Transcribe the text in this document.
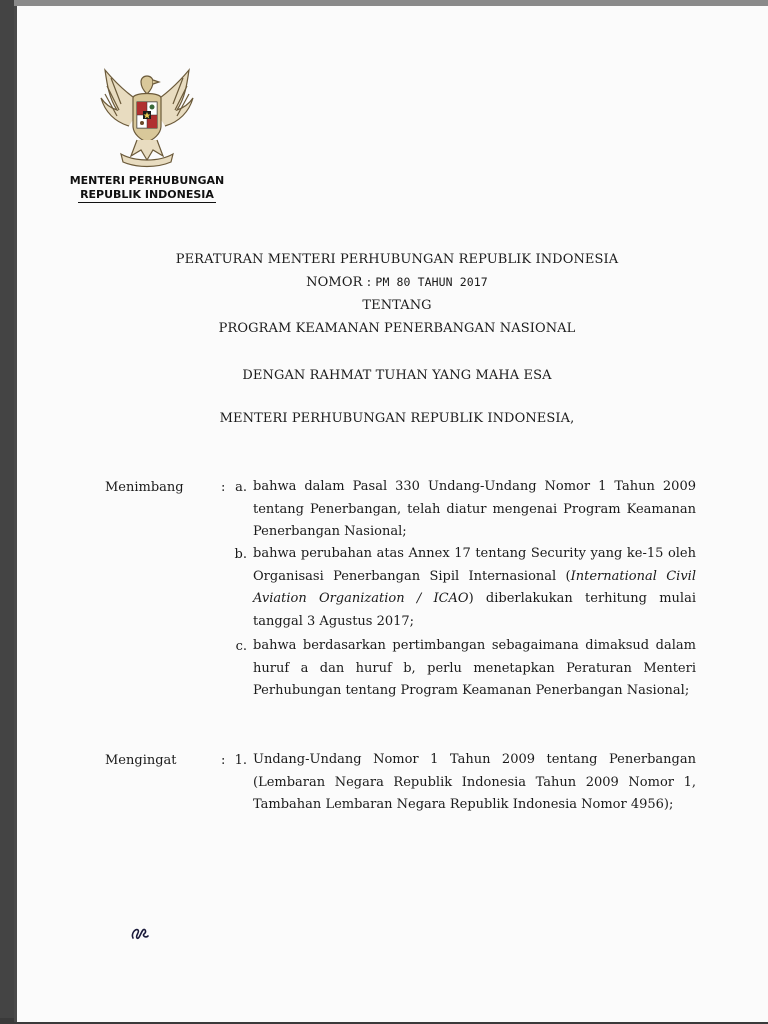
MENTERI PERHUBUNGAN
REPUBLIK INDONESIA
PERATURAN MENTERI PERHUBUNGAN REPUBLIK INDONESIA
NOMOR : PM 80 TAHUN 2017
TENTANG
PROGRAM KEAMANAN PENERBANGAN NASIONAL
DENGAN RAHMAT TUHAN YANG MAHA ESA
MENTERI PERHUBUNGAN REPUBLIK INDONESIA,
Menimbang	: a. bahwa dalam Pasal 330 Undang-Undang Nomor 1 Tahun 2009 tentang Penerbangan, telah diatur mengenai Program Keamanan Penerbangan Nasional;
b. bahwa perubahan atas Annex 17 tentang Security yang ke-15 oleh Organisasi Penerbangan Sipil Internasional (International Civil Aviation Organization / ICAO) diberlakukan terhitung mulai tanggal 3 Agustus 2017;
c. bahwa berdasarkan pertimbangan sebagaimana dimaksud dalam huruf a dan huruf b, perlu menetapkan Peraturan Menteri Perhubungan tentang Program Keamanan Penerbangan Nasional;
Mengingat	: 1. Undang-Undang Nomor 1 Tahun 2009 tentang Penerbangan (Lembaran Negara Republik Indonesia Tahun 2009 Nomor 1, Tambahan Lembaran Negara Republik Indonesia Nomor 4956);
